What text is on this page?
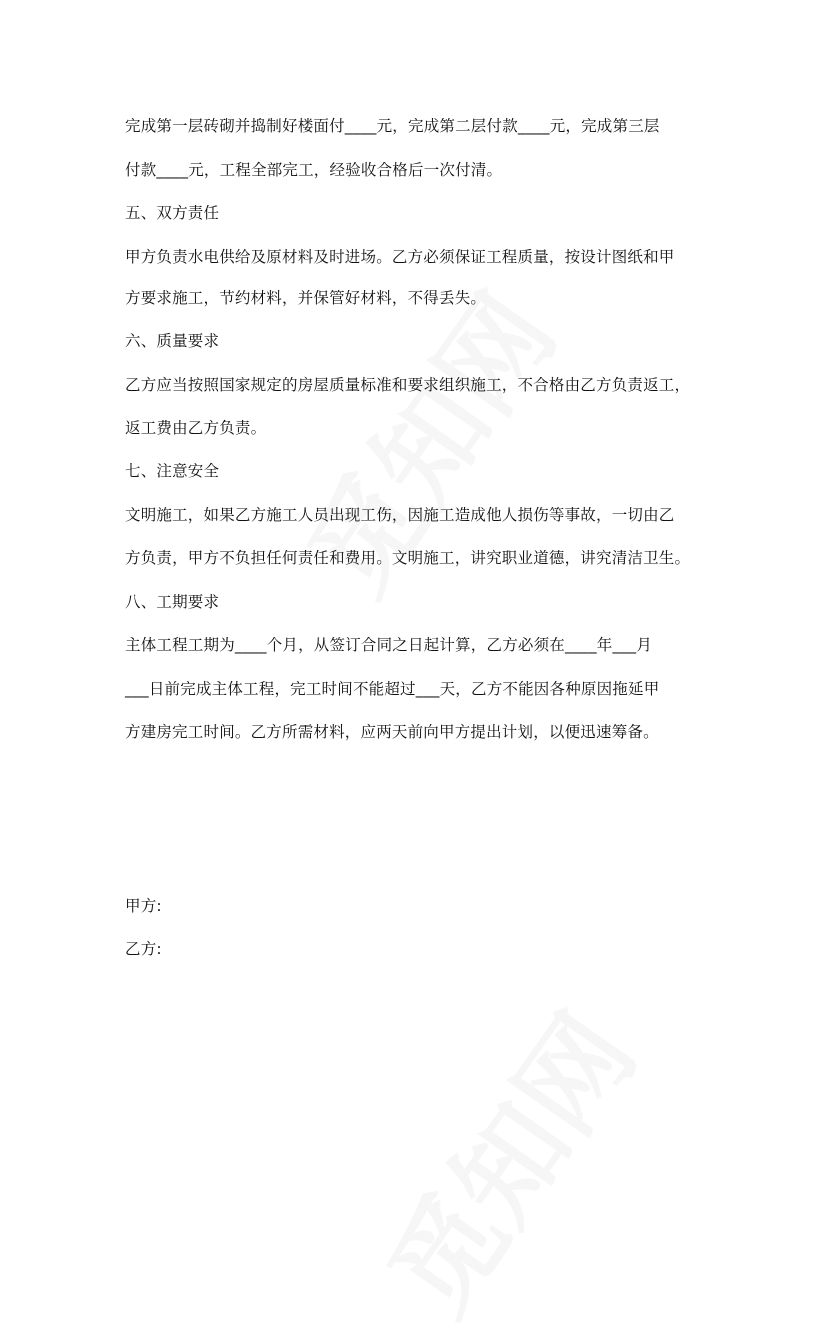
完成第一层砖砌并捣制好楼面付____元，完成第二层付款____元，完成第三层
付款____元，工程全部完工，经验收合格后一次付清。
五、双方责任
甲方负责水电供给及原材料及时进场。乙方必须保证工程质量，按设计图纸和甲
方要求施工，节约材料，并保管好材料，不得丢失。
六、质量要求
乙方应当按照国家规定的房屋质量标准和要求组织施工，不合格由乙方负责返工，
返工费由乙方负责。
七、注意安全
文明施工，如果乙方施工人员出现工伤，因施工造成他人损伤等事故，一切由乙
方负责，甲方不负担任何责任和费用。文明施工，讲究职业道德，讲究清洁卫生。
八、工期要求
主体工程工期为____个月，从签订合同之日起计算，乙方必须在____年___月
___日前完成主体工程，完工时间不能超过___天，乙方不能因各种原因拖延甲
方建房完工时间。乙方所需材料，应两天前向甲方提出计划，以便迅速筹备。
甲方:
乙方:
